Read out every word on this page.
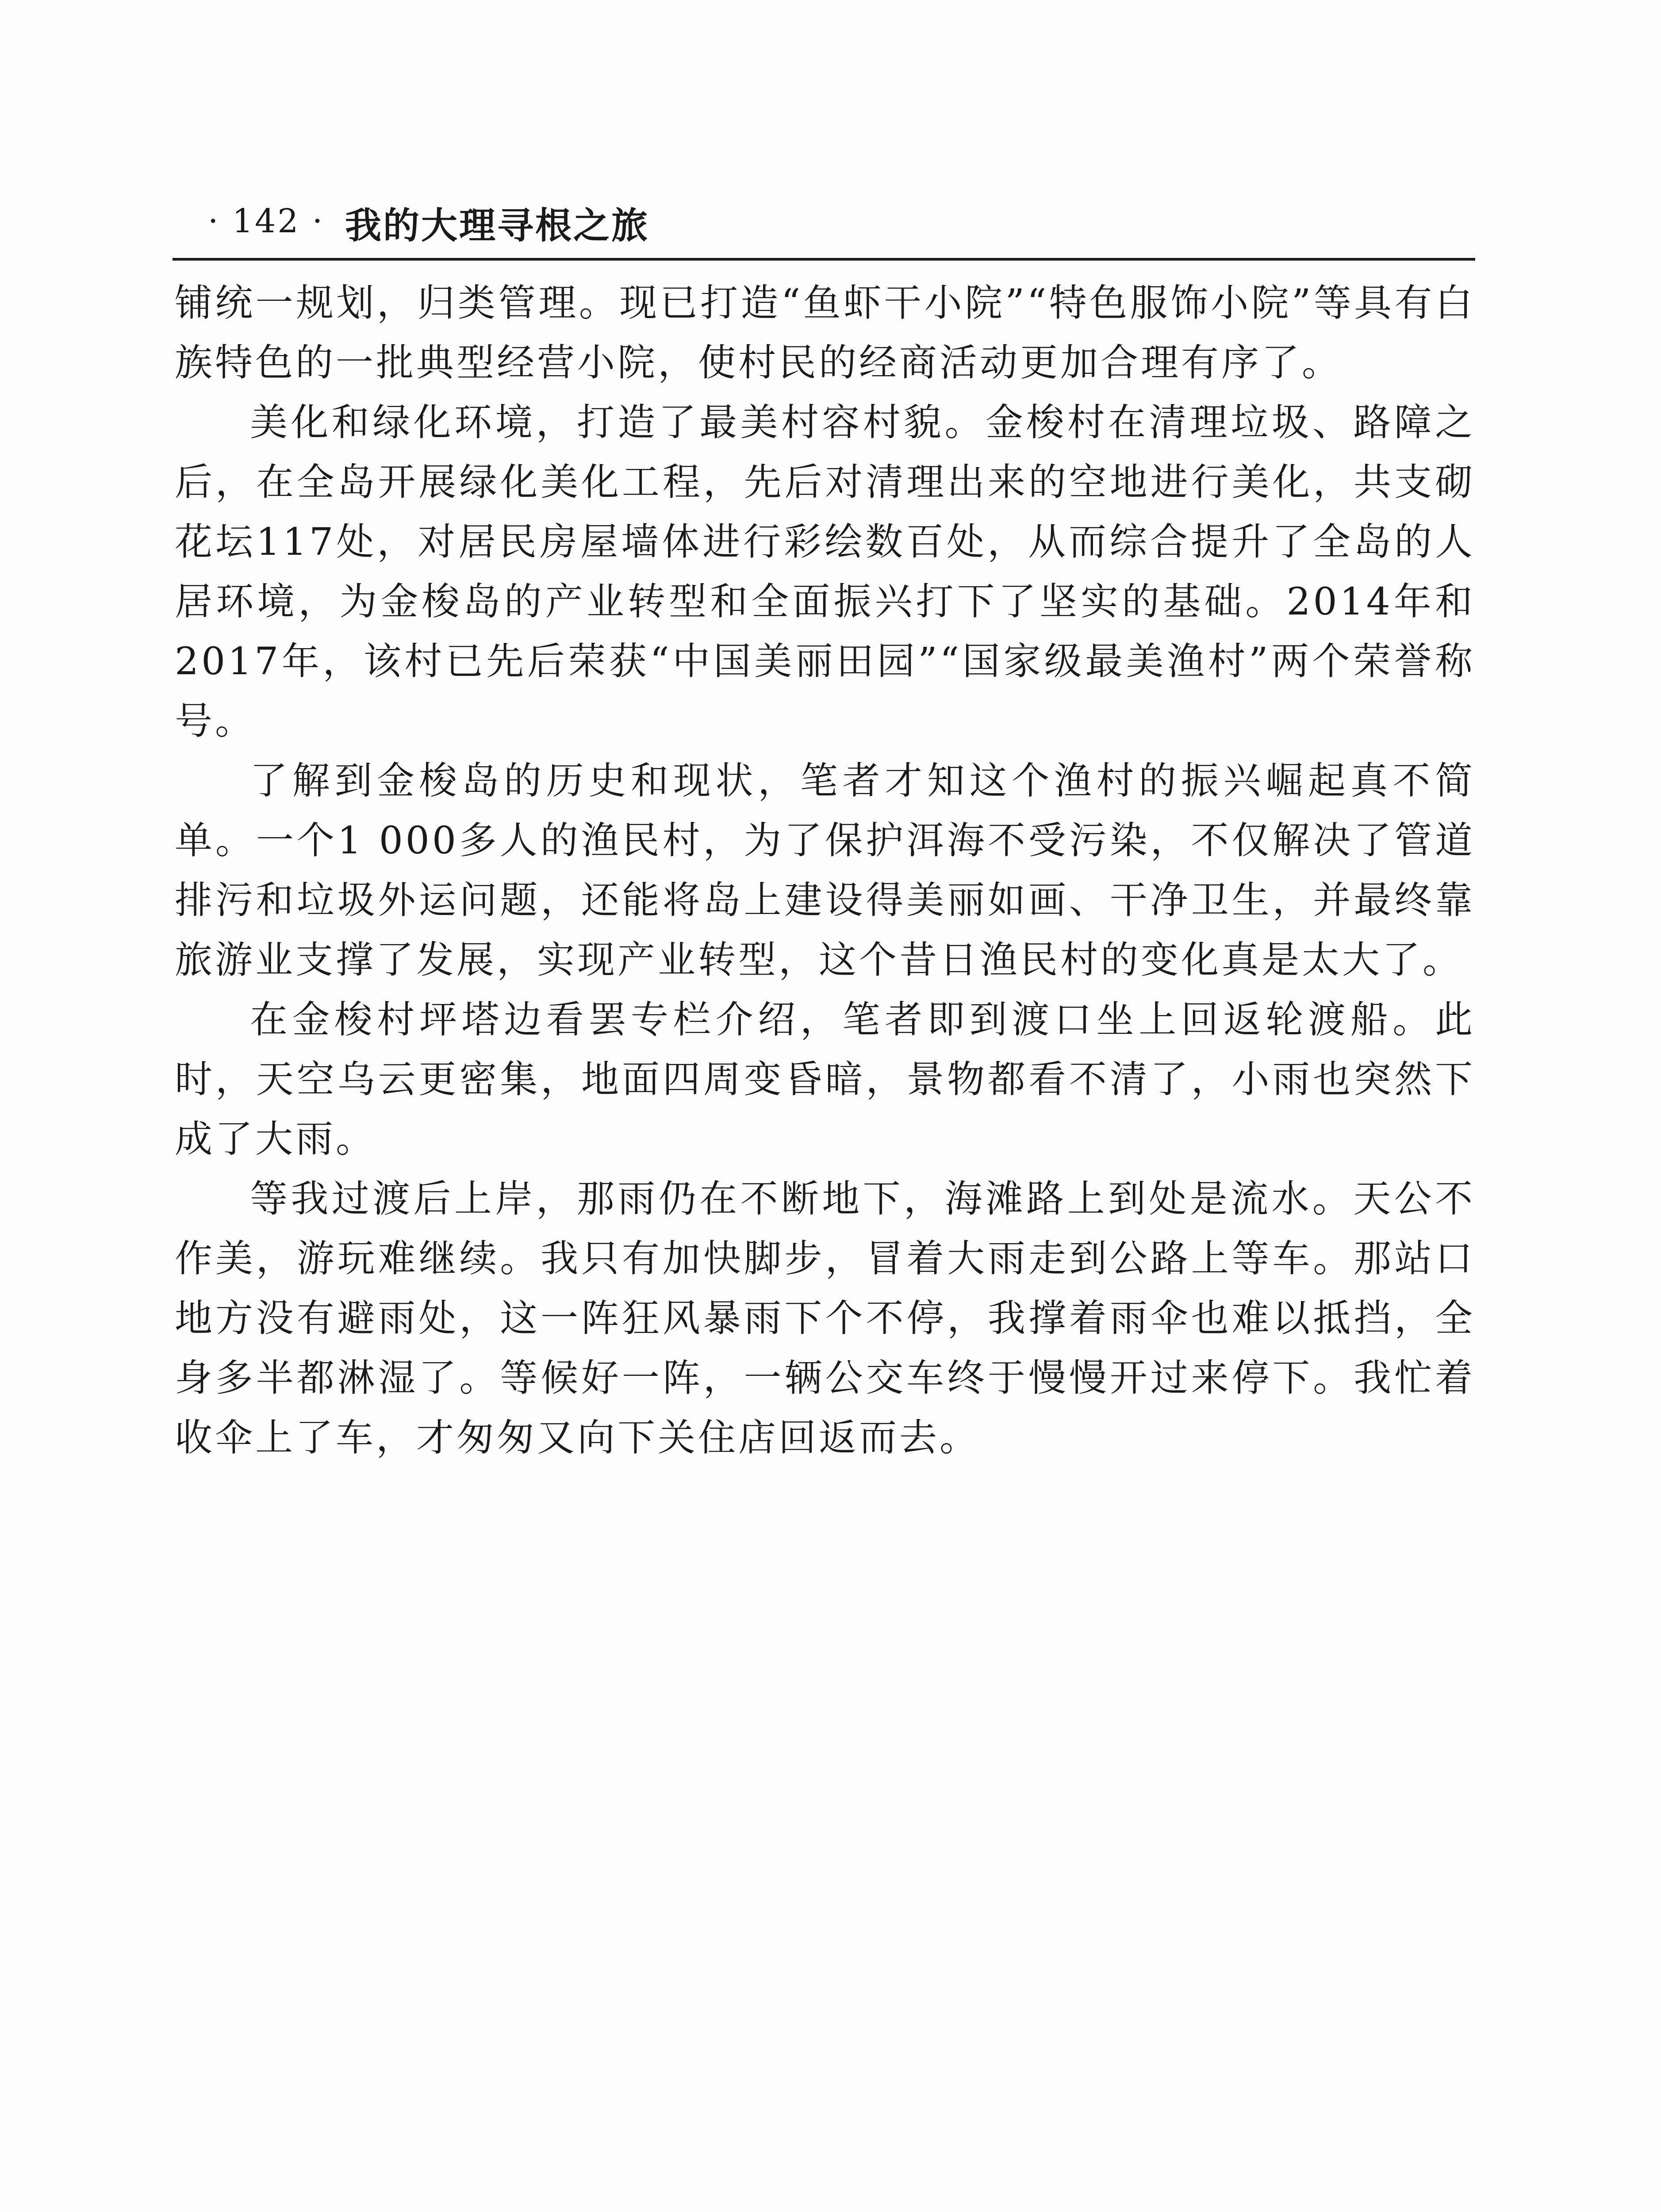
· 142 · 我的大理寻根之旅

铺统一规划，归类管理。现已打造“鱼虾干小院”“特色服饰小院”等具有白族特色的一批典型经营小院，使村民的经商活动更加合理有序了。

美化和绿化环境，打造了最美村容村貌。金梭村在清理垃圾、路障之后，在全岛开展绿化美化工程，先后对清理出来的空地进行美化，共支砌花坛117处，对居民房屋墙体进行彩绘数百处，从而综合提升了全岛的人居环境，为金梭岛的产业转型和全面振兴打下了坚实的基础。2014年和2017年，该村已先后荣获“中国美丽田园”“国家级最美渔村”两个荣誉称号。

了解到金梭岛的历史和现状，笔者才知这个渔村的振兴崛起真不简单。一个1 000多人的渔民村，为了保护洱海不受污染，不仅解决了管道排污和垃圾外运问题，还能将岛上建设得美丽如画、干净卫生，并最终靠旅游业支撑了发展，实现产业转型，这个昔日渔民村的变化真是太大了。

在金梭村坪塔边看罢专栏介绍，笔者即到渡口坐上回返轮渡船。此时，天空乌云更密集，地面四周变昏暗，景物都看不清了，小雨也突然下成了大雨。

等我过渡后上岸，那雨仍在不断地下，海滩路上到处是流水。天公不作美，游玩难继续。我只有加快脚步，冒着大雨走到公路上等车。那站口地方没有避雨处，这一阵狂风暴雨下个不停，我撑着雨伞也难以抵挡，全身多半都淋湿了。等候好一阵，一辆公交车终于慢慢开过来停下。我忙着收伞上了车，才匆匆又向下关住店回返而去。
